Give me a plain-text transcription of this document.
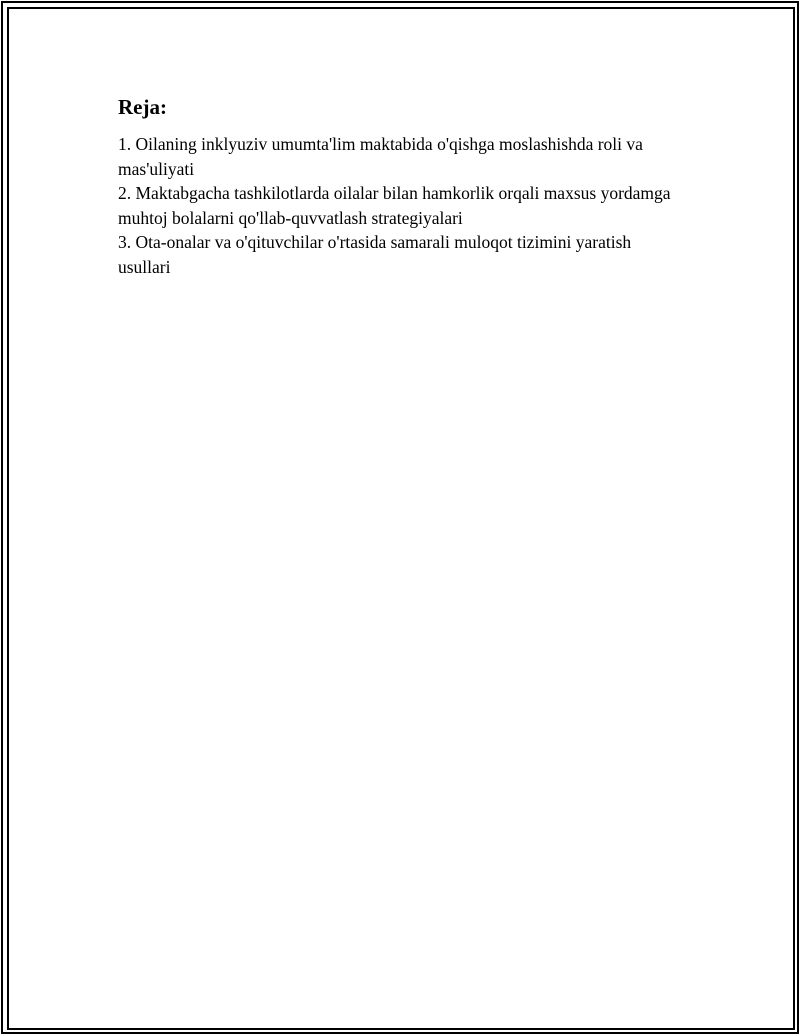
Reja:

1. Oilaning inklyuziv umumta'lim maktabida o'qishga moslashishda roli va mas'uliyati

2. Maktabgacha tashkilotlarda oilalar bilan hamkorlik orqali maxsus yordamga muhtoj bolalarni qo'llab-quvvatlash strategiyalari

3. Ota-onalar va o'qituvchilar o'rtasida samarali muloqot tizimini yaratish usullari
